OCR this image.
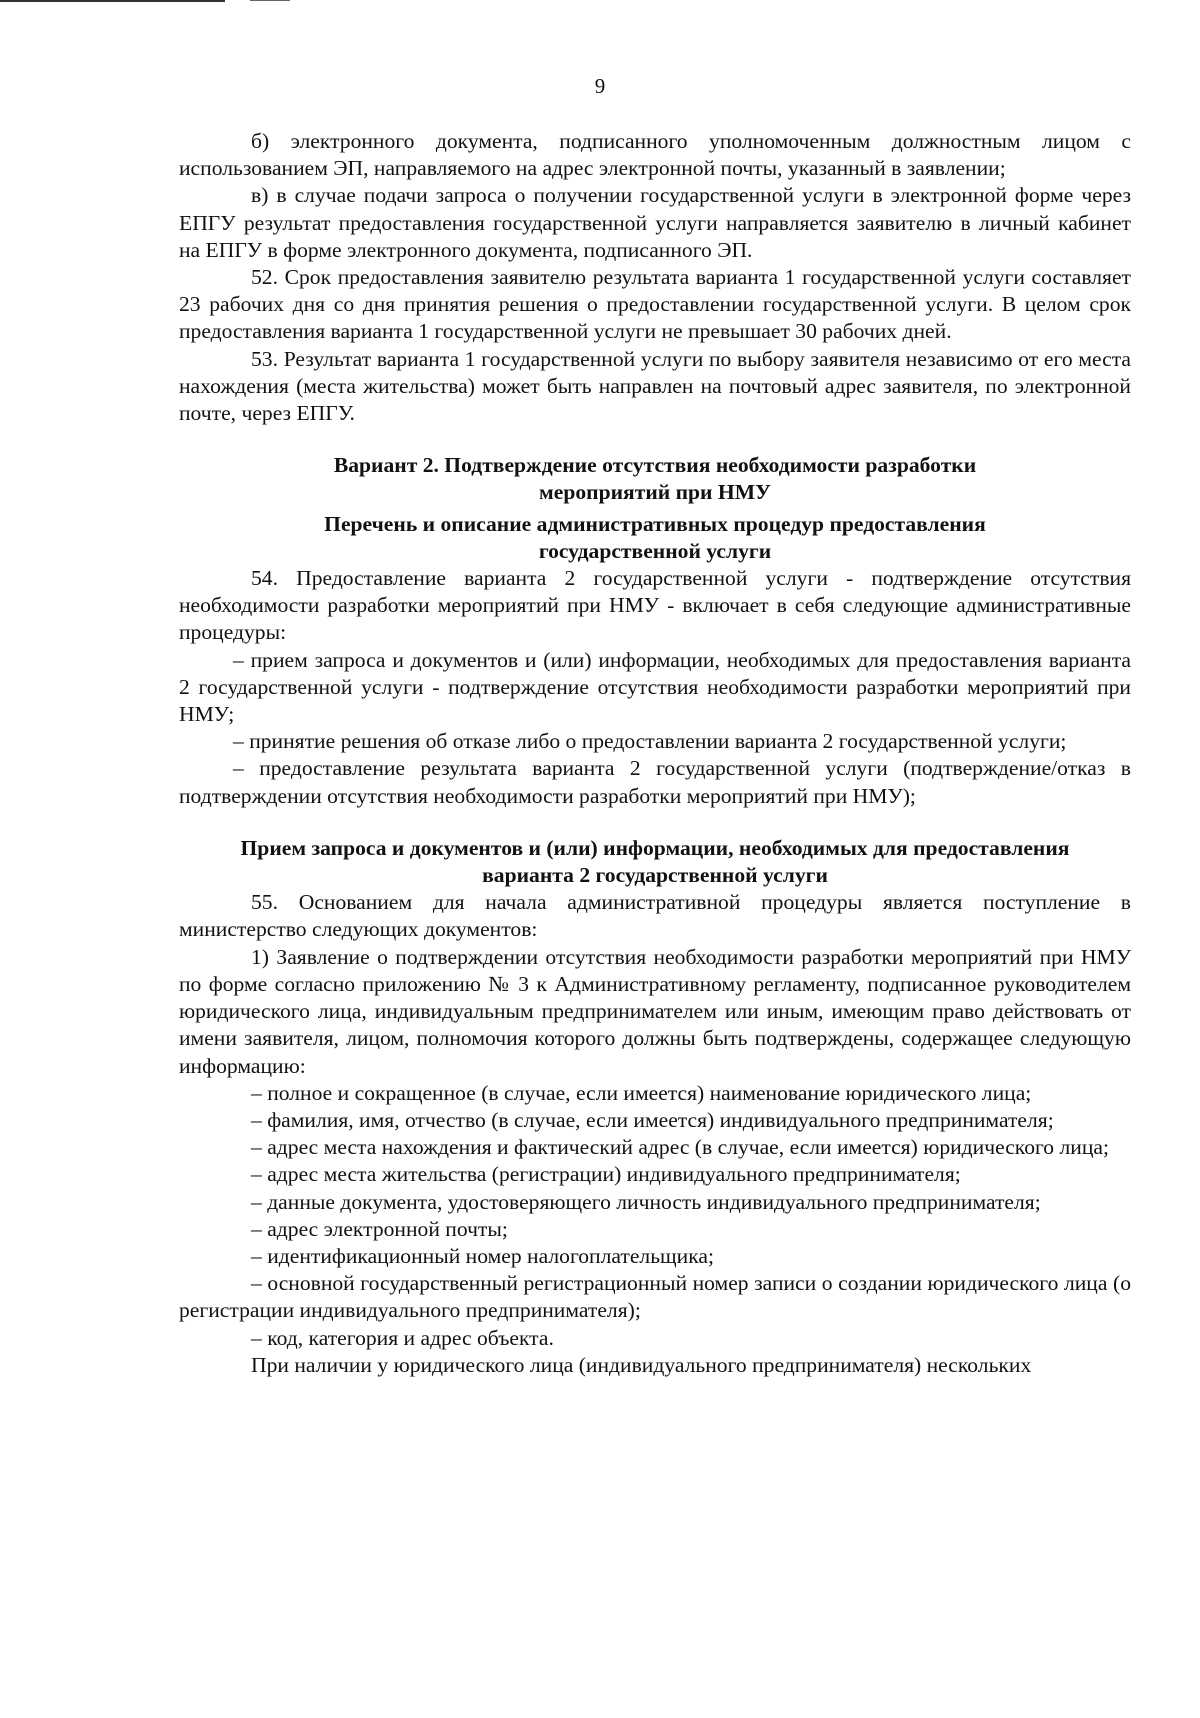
9

б) электронного документа, подписанного уполномоченным должностным лицом с использованием ЭП, направляемого на адрес электронной почты, указанный в заявлении;

в) в случае подачи запроса о получении государственной услуги в электронной форме через ЕПГУ результат предоставления государственной услуги направляется заявителю в личный кабинет на ЕПГУ в форме электронного документа, подписанного ЭП.

52. Срок предоставления заявителю результата варианта 1 государственной услуги составляет 23 рабочих дня со дня принятия решения о предоставлении государственной услуги. В целом срок предоставления варианта 1 государственной услуги не превышает 30 рабочих дней.

53. Результат варианта 1 государственной услуги по выбору заявителя независимо от его места нахождения (места жительства) может быть направлен на почтовый адрес заявителя, по электронной почте, через ЕПГУ.

Вариант 2. Подтверждение отсутствия необходимости разработки
мероприятий при НМУ
Перечень и описание административных процедур предоставления
государственной услуги

54. Предоставление варианта 2 государственной услуги - подтверждение отсутствия необходимости разработки мероприятий при НМУ - включает в себя следующие административные процедуры:

– прием запроса и документов и (или) информации, необходимых для предоставления варианта 2 государственной услуги - подтверждение отсутствия необходимости разработки мероприятий при НМУ;

– принятие решения об отказе либо о предоставлении варианта 2 государственной услуги;

– предоставление результата варианта 2 государственной услуги (подтверждение/отказ в подтверждении отсутствия необходимости разработки мероприятий при НМУ);

Прием запроса и документов и (или) информации, необходимых для предоставления
варианта 2 государственной услуги

55. Основанием для начала административной процедуры является поступление в министерство следующих документов:

1) Заявление о подтверждении отсутствия необходимости разработки мероприятий при НМУ по форме согласно приложению № 3 к Административному регламенту, подписанное руководителем юридического лица, индивидуальным предпринимателем или иным, имеющим право действовать от имени заявителя, лицом, полномочия которого должны быть подтверждены, содержащее следующую информацию:

– полное и сокращенное (в случае, если имеется) наименование юридического лица;

– фамилия, имя, отчество (в случае, если имеется) индивидуального предпринимателя;

– адрес места нахождения и фактический адрес (в случае, если имеется) юридического лица;

– адрес места жительства (регистрации) индивидуального предпринимателя;

– данные документа, удостоверяющего личность индивидуального предпринимателя;

– адрес электронной почты;

– идентификационный номер налогоплательщика;

– основной государственный регистрационный номер записи о создании юридического лица (о регистрации индивидуального предпринимателя);

– код, категория и адрес объекта.

При наличии у юридического лица (индивидуального предпринимателя) нескольких
